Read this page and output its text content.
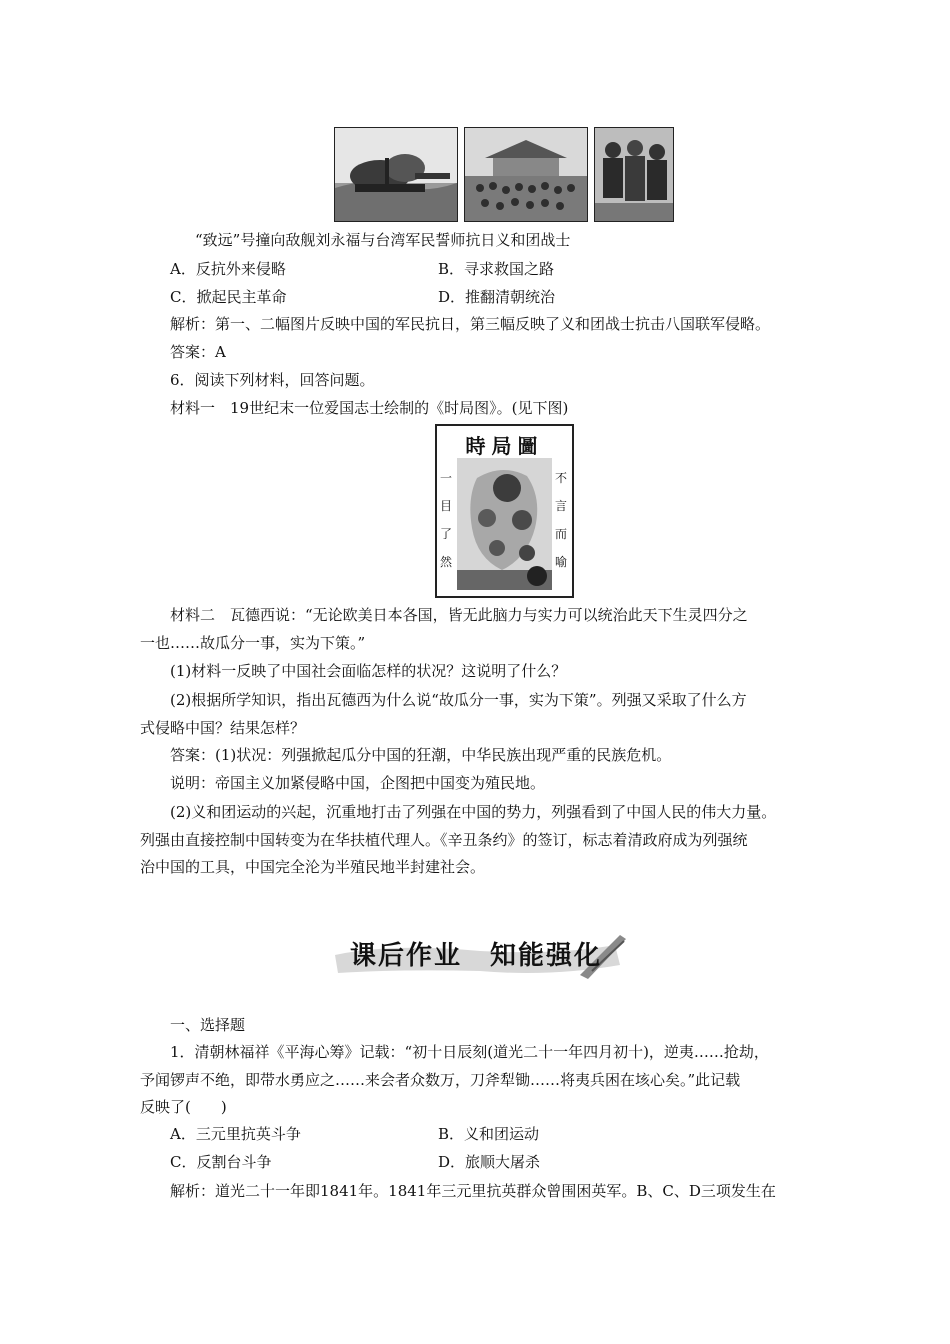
“致远”号撞向敌舰刘永福与台湾军民誓师抗日义和团战士
A．反抗外来侵略	B．寻求救国之路
C．掀起民主革命	D．推翻清朝统治
解析：第一、二幅图片反映中国的军民抗日，第三幅反映了义和团战士抗击八国联军侵略。
答案：A
6．阅读下列材料，回答问题。
材料一　19世纪末一位爱国志士绘制的《时局图》。(见下图)
時局圖
一目了然
不言而喻
材料二　瓦德西说：“无论欧美日本各国，皆无此脑力与实力可以统治此天下生灵四分之
一也……故瓜分一事，实为下策。”
(1)材料一反映了中国社会面临怎样的状况？这说明了什么？
(2)根据所学知识，指出瓦德西为什么说“故瓜分一事，实为下策”。列强又采取了什么方
式侵略中国？结果怎样？
答案：(1)状况：列强掀起瓜分中国的狂潮，中华民族出现严重的民族危机。
说明：帝国主义加紧侵略中国，企图把中国变为殖民地。
(2)义和团运动的兴起，沉重地打击了列强在中国的势力，列强看到了中国人民的伟大力量。
列强由直接控制中国转变为在华扶植代理人。《辛丑条约》的签订，标志着清政府成为列强统
治中国的工具，中国完全沦为半殖民地半封建社会。
课后作业　知能强化
一、选择题
1．清朝林福祥《平海心筹》记载：“初十日辰刻(道光二十一年四月初十)，逆夷……抢劫，
予闻锣声不绝，即带水勇应之……来会者众数万，刀斧犁锄……将夷兵困在垓心矣。”此记载
反映了(　　)
A．三元里抗英斗争	B．义和团运动
C．反割台斗争	D．旅顺大屠杀
解析：道光二十一年即1841年。1841年三元里抗英群众曾围困英军。B、C、D三项发生在
